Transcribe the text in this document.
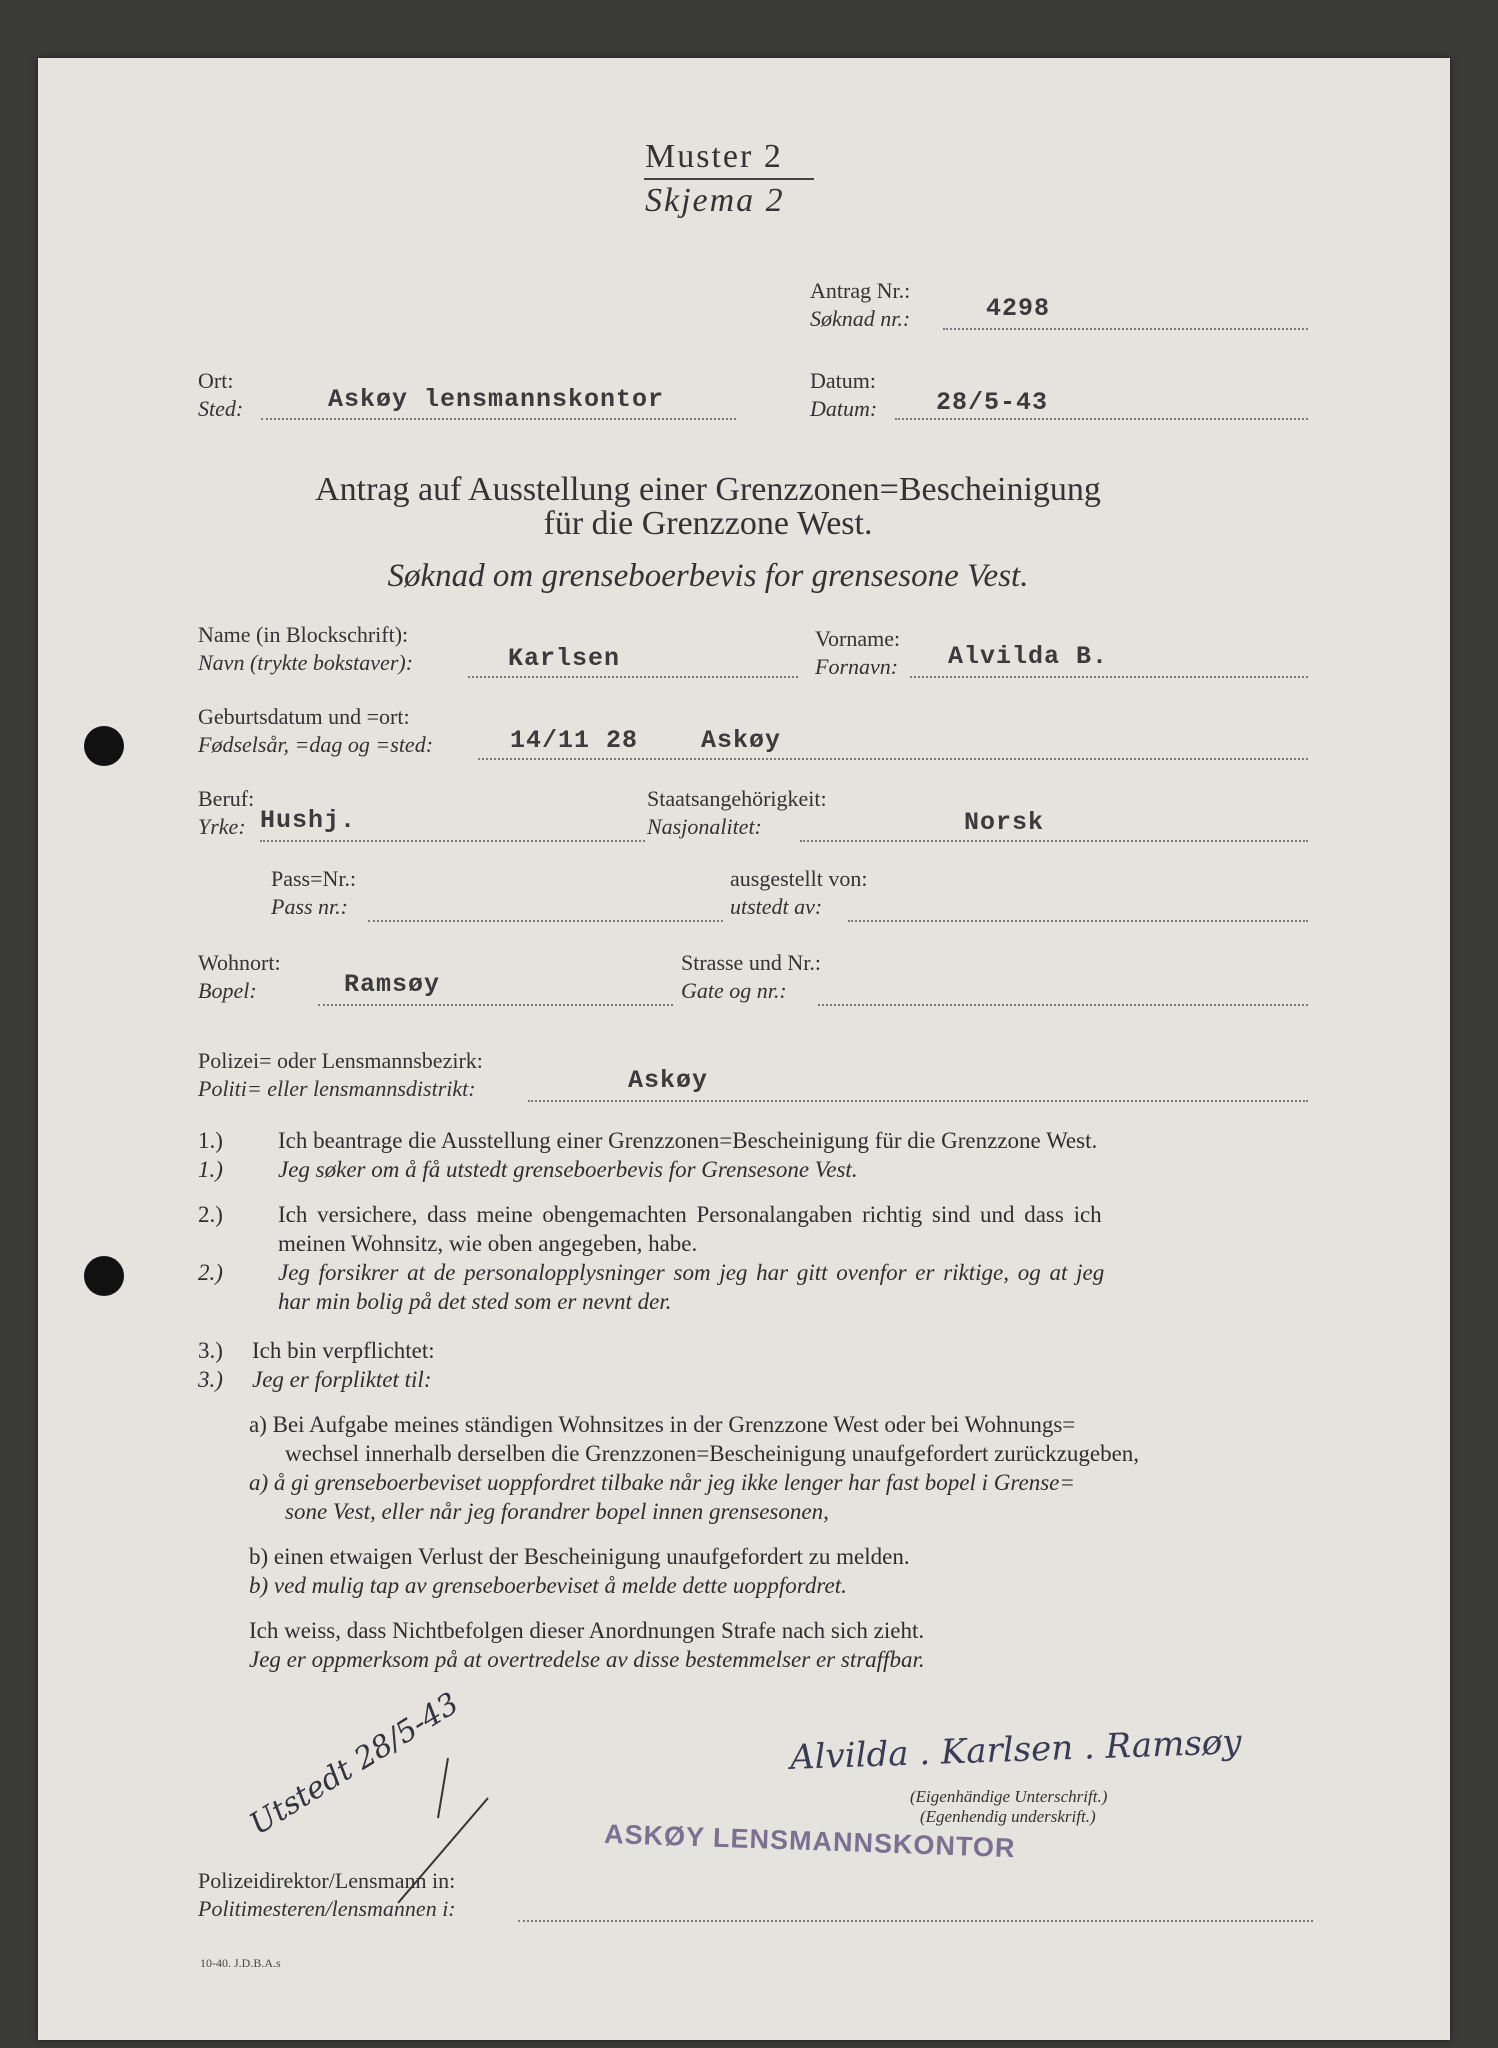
Muster 2
Skjema 2
Antrag Nr.:
Søknad nr.:	4298
Ort:
Sted:	Askøy lensmannskontor
Datum:
Datum: 28/5-43
Antrag auf Ausstellung einer Grenzzonen=Bescheinigung
für die Grenzzone West.
Søknad om grenseboerbevis for grensesone Vest.
Name (in Blockschrift):
Navn (trykte bokstaver):	Karlsen
Vorname:
Fornavn: Alvilda B.
Geburtsdatum und =ort:
Fødselsår, =dag og =sted:	14/11 28	Askøy
Beruf:
Yrke: Hushj.
Staatsangehörigkeit:
Nasjonalitet:	Norsk
Pass=Nr.:
Pass nr.:
ausgestellt von:
utstedt av:
Wohnort:
Bopel:	Ramsøy
Strasse und Nr.:
Gate og nr.:
Polizei= oder Lensmannsbezirk:
Politi= eller lensmannsdistrikt:	Askøy
1.) Ich beantrage die Ausstellung einer Grenzzonen=Bescheinigung für die Grenzzone West.
1.) Jeg søker om å få utstedt grenseboerbevis for Grensesone Vest.
2.) Ich versichere, dass meine obengemachten Personalangaben richtig sind und dass ich
meinen Wohnsitz, wie oben angegeben, habe.
2.) Jeg forsikrer at de personalopplysninger som jeg har gitt ovenfor er riktige, og at jeg
har min bolig på det sted som er nevnt der.
3.) Ich bin verpflichtet:
3.) Jeg er forpliktet til:
a) Bei Aufgabe meines ständigen Wohnsitzes in der Grenzzone West oder bei Wohnungs=
wechsel innerhalb derselben die Grenzzonen=Bescheinigung unaufgefordert zurückzugeben,
a) å gi grenseboerbeviset uoppfordret tilbake når jeg ikke lenger har fast bopel i Grense=
sone Vest, eller når jeg forandrer bopel innen grensesonen,
b) einen etwaigen Verlust der Bescheinigung unaufgefordert zu melden.
b) ved mulig tap av grenseboerbeviset å melde dette uoppfordret.
Ich weiss, dass Nichtbefolgen dieser Anordnungen Strafe nach sich zieht.
Jeg er oppmerksom på at overtredelse av disse bestemmelser er straffbar.
Alvilda . Karlsen . Ramsøy
(Eigenhändige Unterschrift.)
(Egenhendig underskrift.)
Utstedt 28/5-43	ASKØY LENSMANNSKONTOR
Polizeidirektor/Lensmann in:
Politimesteren/lensmannen i:
10-40. J.D.B.A.s
